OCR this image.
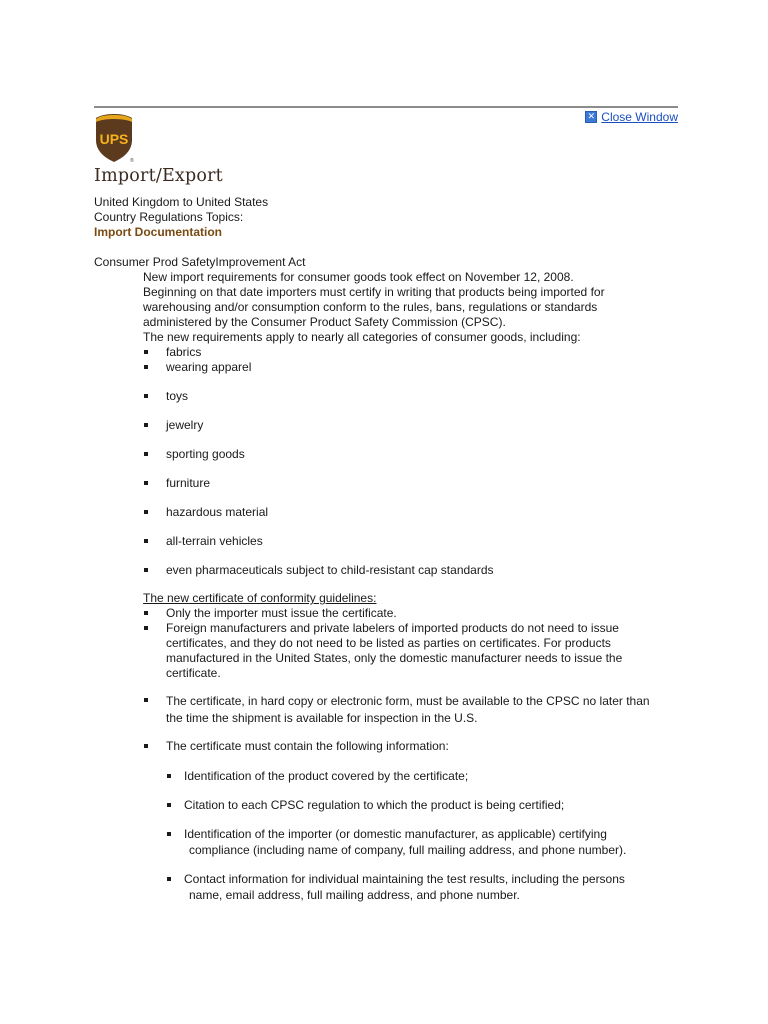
UPS
®
✕ Close Window
Import/Export
United Kingdom to United States
Country Regulations Topics:
Import Documentation
Consumer Prod SafetyImprovement Act
New import requirements for consumer goods took effect on November 12, 2008.
Beginning on that date importers must certify in writing that products being imported for
warehousing and/or consumption conform to the rules, bans, regulations or standards
administered by the Consumer Product Safety Commission (CPSC).
The new requirements apply to nearly all categories of consumer goods, including:
fabrics
wearing apparel
toys
jewelry
sporting goods
furniture
hazardous material
all-terrain vehicles
even pharmaceuticals subject to child-resistant cap standards
The new certificate of conformity guidelines:
Only the importer must issue the certificate.
Foreign manufacturers and private labelers of imported products do not need to issue
certificates, and they do not need to be listed as parties on certificates. For products
manufactured in the United States, only the domestic manufacturer needs to issue the
certificate.
The certificate, in hard copy or electronic form, must be available to the CPSC no later than
the time the shipment is available for inspection in the U.S.
The certificate must contain the following information:
Identification of the product covered by the certificate;
Citation to each CPSC regulation to which the product is being certified;
Identification of the importer (or domestic manufacturer, as applicable) certifying
compliance (including name of company, full mailing address, and phone number).
Contact information for individual maintaining the test results, including the persons
name, email address, full mailing address, and phone number.
